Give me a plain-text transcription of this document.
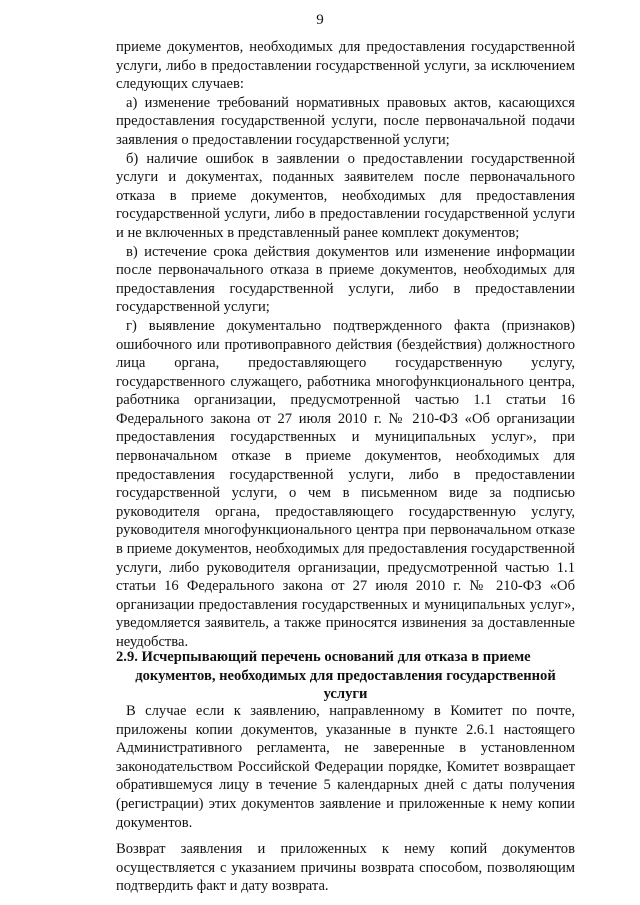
9

приеме документов, необходимых для предоставления государственной услуги, либо в предоставлении государственной услуги, за исключением следующих случаев:

а) изменение требований нормативных правовых актов, касающихся предоставления государственной услуги, после первоначальной подачи заявления о предоставлении государственной услуги;

б) наличие ошибок в заявлении о предоставлении государственной услуги и документах, поданных заявителем после первоначального отказа в приеме документов, необходимых для предоставления государственной услуги, либо в предоставлении государственной услуги и не включенных в представленный ранее комплект документов;

в) истечение срока действия документов или изменение информации после первоначального отказа в приеме документов, необходимых для предоставления государственной услуги, либо в предоставлении государственной услуги;

г) выявление документально подтвержденного факта (признаков) ошибочного или противоправного действия (бездействия) должностного лица органа, предоставляющего государственную услугу, государственного служащего, работника многофункционального центра, работника организации, предусмотренной частью 1.1 статьи 16 Федерального закона от 27 июля 2010 г. № 210-ФЗ «Об организации предоставления государственных и муниципальных услуг», при первоначальном отказе в приеме документов, необходимых для предоставления государственной услуги, либо в предоставлении государственной услуги, о чем в письменном виде за подписью руководителя органа, предоставляющего государственную услугу, руководителя многофункционального центра при первоначальном отказе в приеме документов, необходимых для предоставления государственной услуги, либо руководителя организации, предусмотренной частью 1.1 статьи 16 Федерального закона от 27 июля 2010 г. № 210-ФЗ «Об организации предоставления государственных и муниципальных услуг», уведомляется заявитель, а также приносятся извинения за доставленные неудобства.

2.9. Исчерпывающий перечень оснований для отказа в приеме

документов, необходимых для предоставления государственной услуги

В случае если к заявлению, направленному в Комитет по почте, приложены копии документов, указанные в пункте 2.6.1 настоящего Административного регламента, не заверенные в установленном законодательством Российской Федерации порядке, Комитет возвращает обратившемуся лицу в течение 5 календарных дней с даты получения (регистрации) этих документов заявление и приложенные к нему копии документов.

Возврат заявления и приложенных к нему копий документов осуществляется с указанием причины возврата способом, позволяющим подтвердить факт и дату возврата.
